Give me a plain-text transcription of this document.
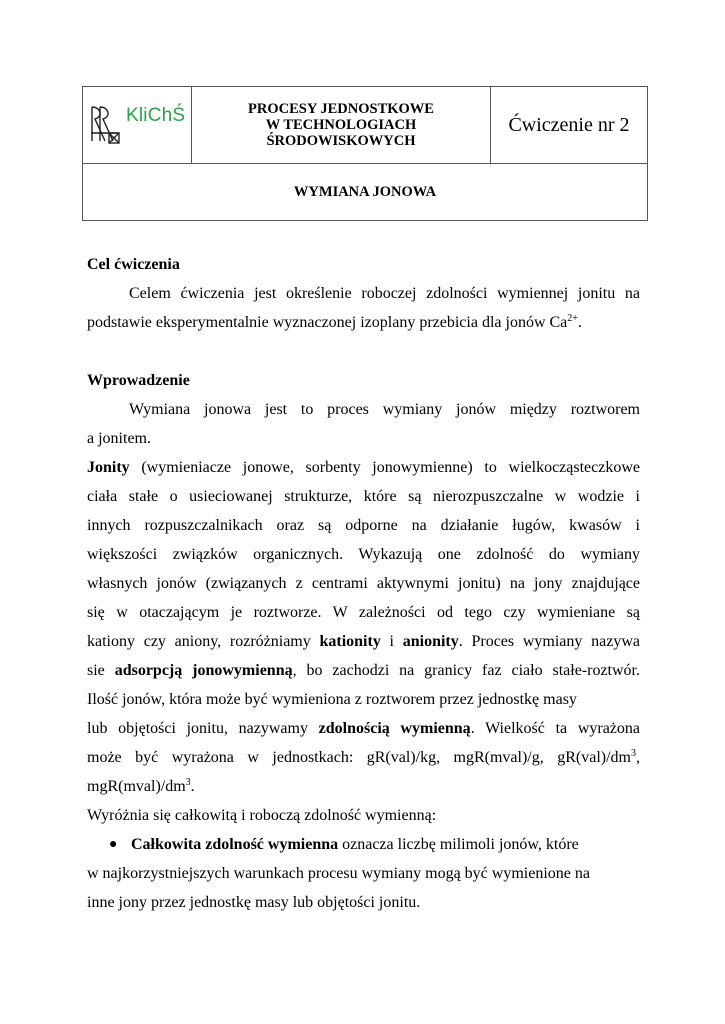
KliChŚ	PROCESY JEDNOSTKOWE
W TECHNOLOGIACH
ŚRODOWISKOWYCH
	Ćwiczenie nr 2
WYMIANA JONOWA
Cel ćwiczenia
Celem ćwiczenia jest określenie roboczej zdolności wymiennej jonitu na
podstawie eksperymentalnie wyznaczonej izoplany przebicia dla jonów $Ca^{2+}$.
Wprowadzenie
Wymiana jonowa jest to proces wymiany jonów między roztworem
a jonitem.
Jonity (wymieniacze jonowe, sorbenty jonowymienne) to wielkocząsteczkowe
ciała stałe o usieciowanej strukturze, które są nierozpuszczalne w wodzie i
innych rozpuszczalnikach oraz są odporne na działanie ługów, kwasów i
większości związków organicznych. Wykazują one zdolność do wymiany
własnych jonów (związanych z centrami aktywnymi jonitu) na jony znajdujące
się w otaczającym je roztworze. W zależności od tego czy wymieniane są
kationy czy aniony, rozróżniamy kationity i anionity. Proces wymiany nazywa
sie adsorpcją jonowymienną, bo zachodzi na granicy faz ciało stałe-roztwór.
Ilość jonów, która może być wymieniona z roztworem przez jednostkę masy
lub objętości jonitu, nazywamy zdolnością wymienną. Wielkość ta wyrażona
może być wyrażona w jednostkach: gR(val)/kg, mgR(mval)/g, $gR(val)/dm^3$,
$mgR(mval)/dm^3$.
Wyróżnia się całkowitą i roboczą zdolność wymienną:
● Całkowita zdolność wymienna oznacza liczbę milimoli jonów, które
w najkorzystniejszych warunkach procesu wymiany mogą być wymienione na
inne jony przez jednostkę masy lub objętości jonitu.
